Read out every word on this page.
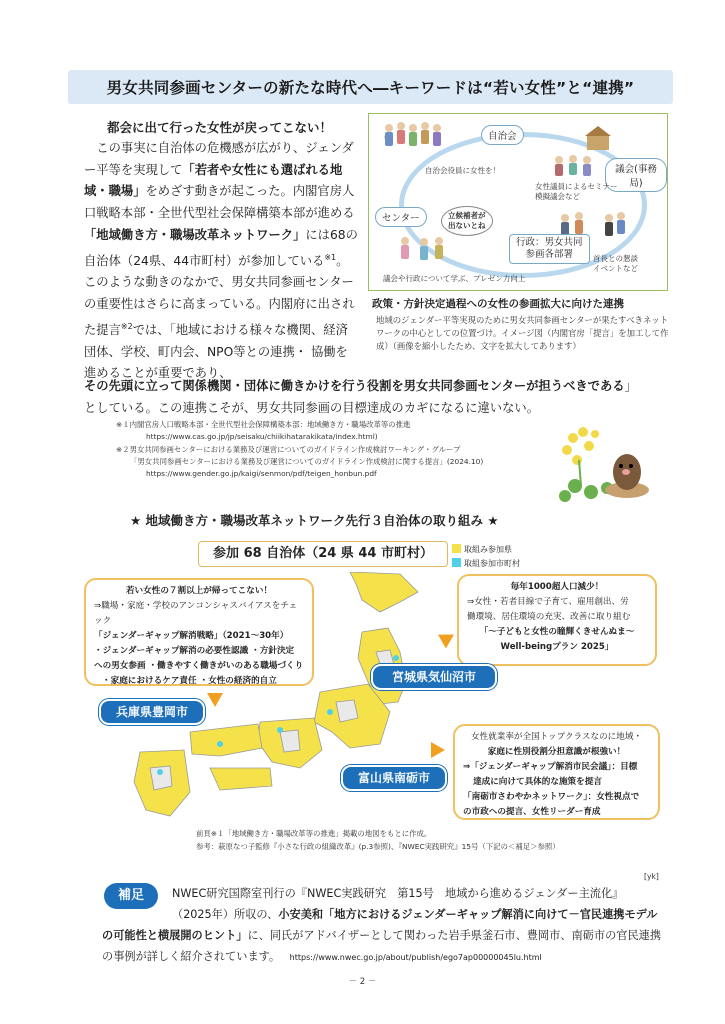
男女共同参画センターの新たな時代へ―キーワードは“若い女性”と“連携”
都会に出て行った女性が戻ってこない！

この事実に自治体の危機感が広がり、ジェンダー平等を実現して「若者や女性にも選ばれる地域・職場」をめざす動きが起こった。内閣官房人口戦略本部・全世代型社会保障構築本部が進める「地域働き方・職場改革ネットワーク」には68の自治体（24県、44市町村）が参加している$^{※1}$。このような動きのなかで、男女共同参画センターの重要性はさらに高まっている。内閣府に出された提言$^{※2}$では、「地域における様々な機関、経済団体、学校、町内会、NPO等との連携・ 協働を進めることが重要であり、

その先頭に立って関係機関・団体に働きかけを行う役割を男女共同参画センターが担うべきである」としている。この連携こそが、男女共同参画の目標達成のカギになるに違いない。
自治会
自治会役員に女性を！	議会(事務局)
女性議員によるセミナー
模擬議会など
センター	立候補者が
出ないとね
行政：男女共同
参画各部署	首長との懇談
イベントなど
議会や行政について学ぶ、プレゼン力向上
政策・方針決定過程への女性の参画拡大に向けた連携
地域のジェンダー平等実現のために男女共同参画センターが果たすべきネットワークの中心としての位置づけ。イメージ図（内閣官房「提言」を加工して作成）（画像を縮小したため、文字を拡大してあります）
※１内閣官房人口戦略本部・全世代型社会保障構築本部：地域働き方・職場改革等の推進
https://www.cas.go.jp/jp/seisaku/chiikihatarakikata/index.html)
※２男女共同参画センターにおける業務及び運営についてのガイドライン作成検討ワーキング・グループ
「男女共同参画センターにおける業務及び運営についてのガイドライン作成検討に関する提言」(2024.10)
https://www.gender.go.jp/kaigi/senmon/pdf/teigen_honbun.pdf
★ 地域働き方・職場改革ネットワーク先行３自治体の取り組み ★
参加 68 自治体（24 県 44 市町村）	取組み参加県
取組参加市町村
若い女性の７割以上が帰ってこない！
⇒職場・家庭・学校のアンコンシャスバイアスをチェック
「ジェンダーギャップ解消戦略」（2021～30年）
・ジェンダーギャップ解消の必要性認識 ・方針決定
への男女参画 ・働きやすく働きがいのある職場づくり
・家庭におけるケア責任 ・女性の経済的自立
兵庫県豊岡市
毎年1000超人口減少！
⇒女性・若者目線で子育て、雇用創出、労
働環境、居住環境の充実、改善に取り組む
「～子どもと女性の瞳輝くきせんぬま～
Well-beingプラン 2025」
宮城県気仙沼市
女性就業率が全国トップクラスなのに地域・
家庭に性別役割分担意識が根強い！
⇒「ジェンダーギャップ解消市民会議」：目標
達成に向けて具体的な施策を提言
「南砺市さわやかネットワーク」：女性視点で
の市政への提言、女性リーダー育成
富山県南砺市
前頁※１「地域働き方・職場改革等の推進」掲載の地図をもとに作成。
参考：萩原なつ子監修『小さな行政の組織改革』(p.3参照)、『NWEC実践研究』15号（下記の＜補足＞参照）
[yk]
NWEC研究国際室刊行の『NWEC実践研究　第15号　地域から進めるジェンダー主流化』
（2025年）所収の、小安美和「地方におけるジェンダーギャップ解消に向けて－官民連携モデルの可能性と横展開のヒント」に、同氏がアドバイザーとして関わった岩手県釜石市、豊岡市、南砺市の官民連携の事例が詳しく紹介されています。 https://www.nwec.go.jp/about/publish/ego7ap00000045lu.html
補足
－ 2 －
